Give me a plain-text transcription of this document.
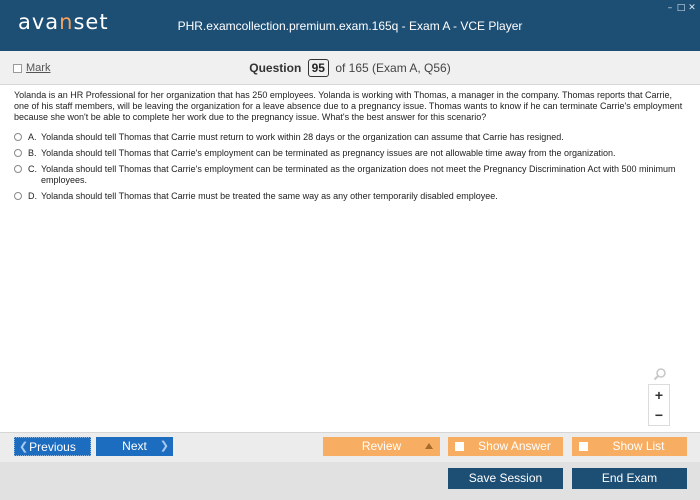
avanset	PHR.examcollection.premium.exam.165q - Exam A - VCE Player
– □ ✕
Mark	Question 95 of 165 (Exam A, Q56)
Yolanda is an HR Professional for her organization that has 250 employees. Yolanda is working with Thomas, a manager in the company. Thomas reports that Carrie, one of his staff members, will be leaving the organization for a leave absence due to a pregnancy issue. Thomas wants to know if he can terminate Carrie's employment because she won't be able to complete her work due to the pregnancy issue. What's the best answer for this scenario?
A. Yolanda should tell Thomas that Carrie must return to work within 28 days or the organization can assume that Carrie has resigned.
B. Yolanda should tell Thomas that Carrie's employment can be terminated as pregnancy issues are not allowable time away from the organization.
C. Yolanda should tell Thomas that Carrie's employment can be terminated as the organization does not meet the Pregnancy Discrimination Act with 500 minimum employees.
D. Yolanda should tell Thomas that Carrie must be treated the same way as any other temporarily disabled employee.
+
−
❮ Previous	Next ❯	Review	Show Answer	Show List
Save Session	End Exam
